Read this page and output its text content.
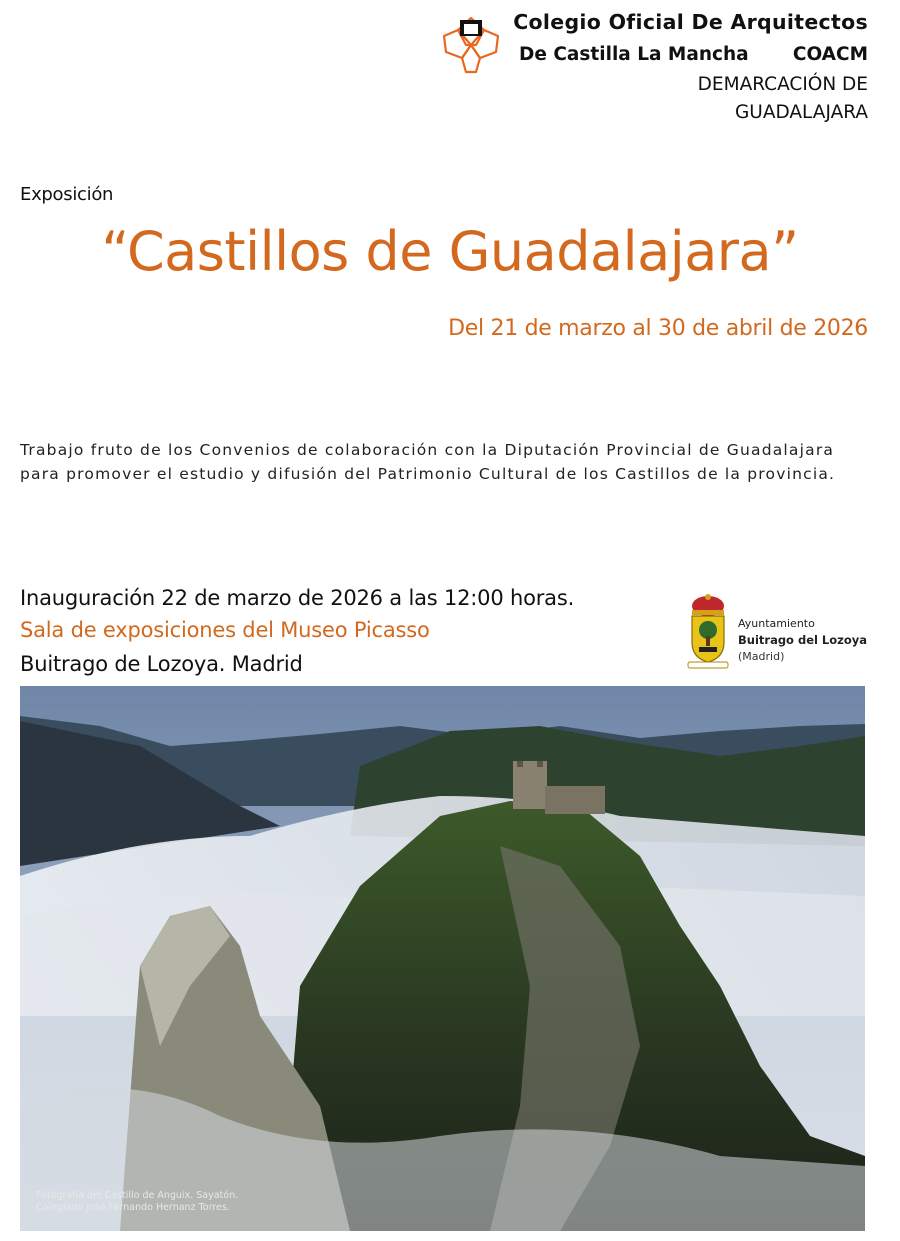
Colegio Oficial De Arquitectos
De Castilla La Mancha COACM
DEMARCACIÓN DE
GUADALAJARA
Exposición
“Castillos de Guadalajara”
Del 21 de marzo al 30 de abril de 2026
Trabajo fruto de los Convenios de colaboración con la Diputación Provincial de Guadalajara para promover el estudio y difusión del Patrimonio Cultural de los Castillos de la provincia.
Inauguración 22 de marzo de 2026 a las 12:00 horas.
Sala de exposiciones del Museo Picasso
Buitrago de Lozoya. Madrid
Ayuntamiento
Buitrago del Lozoya
(Madrid)
Fotografía del Castillo de Anguix. Sayatón.
Colegiado José Fernando Hernanz Torres.
